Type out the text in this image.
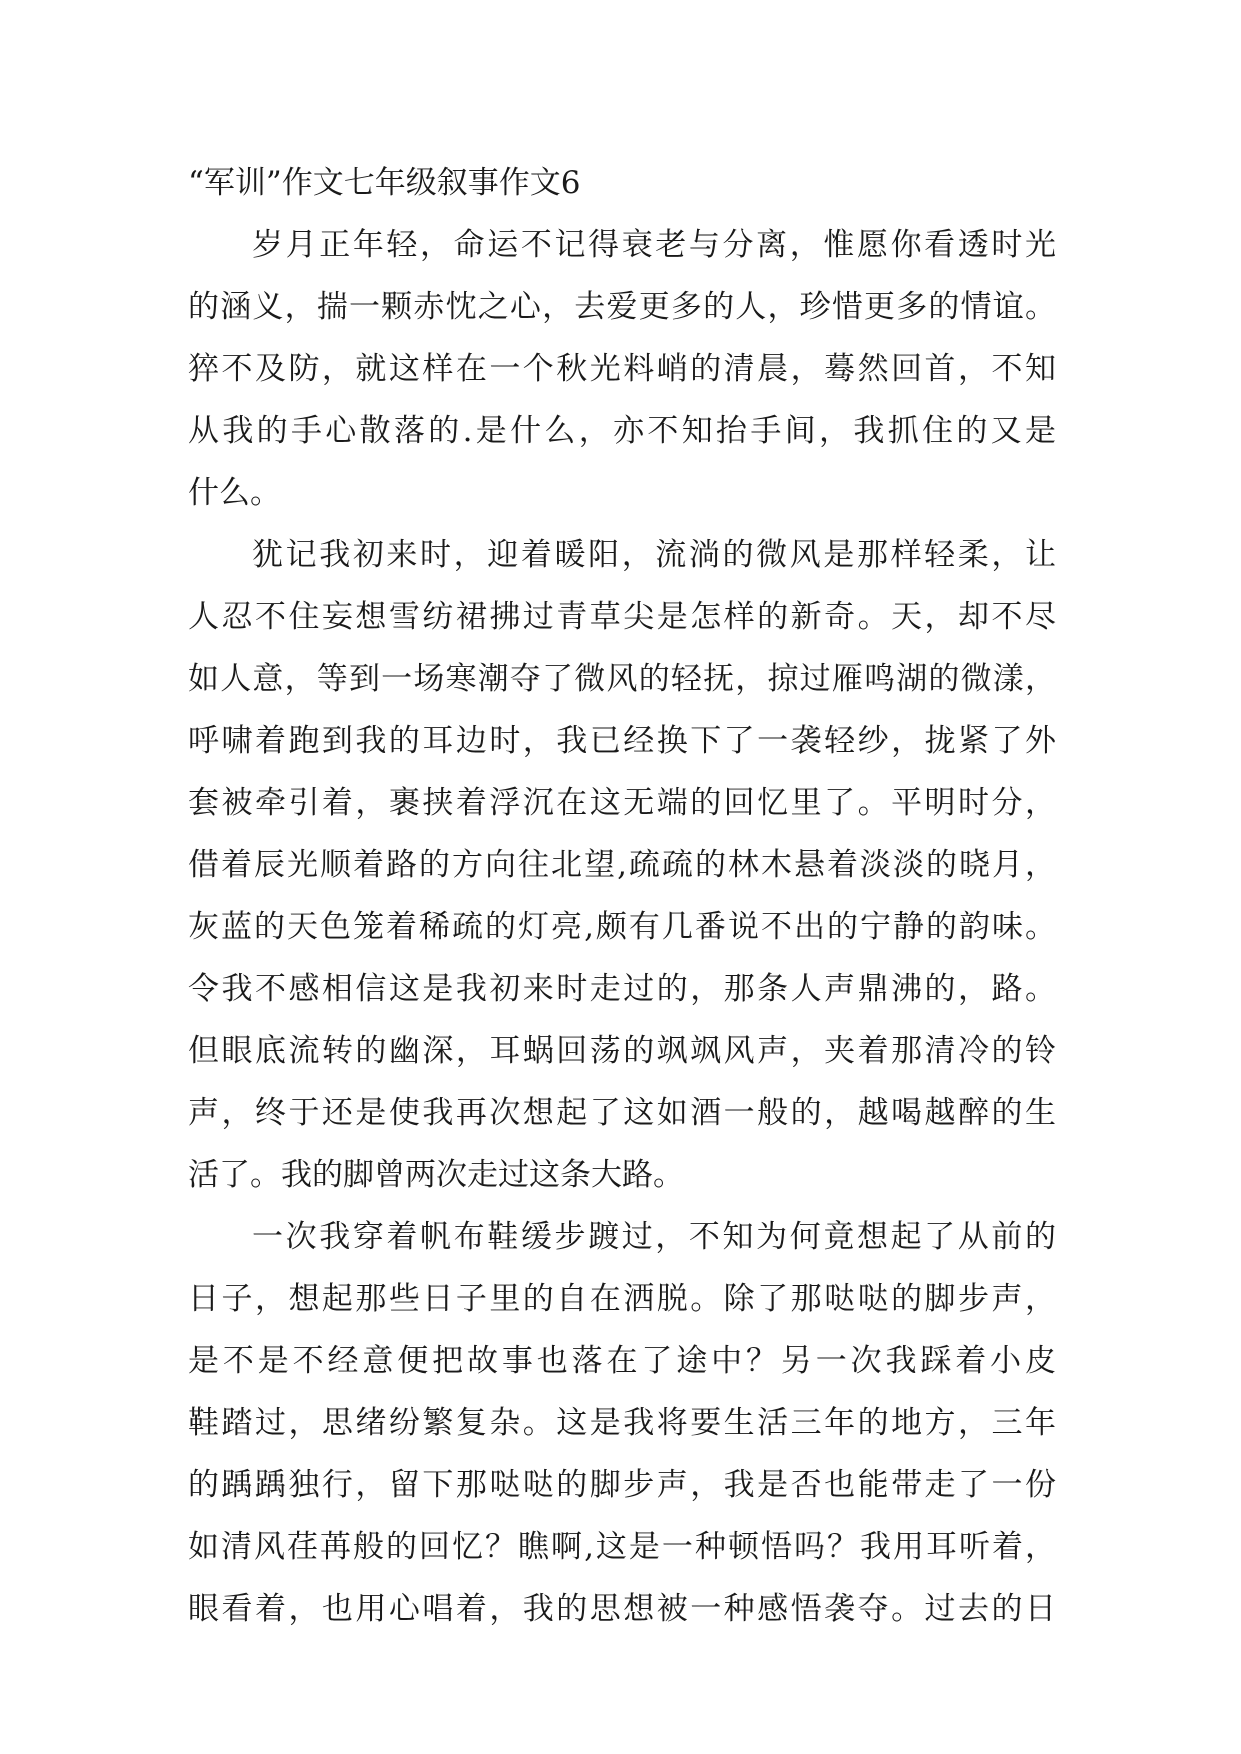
“军训”作文七年级叙事作文6
岁月正年轻，命运不记得衰老与分离，惟愿你看透时光
的涵义，揣一颗赤忱之心，去爱更多的人，珍惜更多的情谊。
猝不及防，就这样在一个秋光料峭的清晨，蓦然回首，不知
从我的手心散落的.是什么，亦不知抬手间，我抓住的又是
什么。
犹记我初来时，迎着暖阳，流淌的微风是那样轻柔，让
人忍不住妄想雪纺裙拂过青草尖是怎样的新奇。天，却不尽
如人意，等到一场寒潮夺了微风的轻抚，掠过雁鸣湖的微漾，
呼啸着跑到我的耳边时，我已经换下了一袭轻纱，拢紧了外
套被牵引着，裹挟着浮沉在这无端的回忆里了。平明时分，
借着辰光顺着路的方向往北望,疏疏的林木悬着淡淡的晓月，
灰蓝的天色笼着稀疏的灯亮,颇有几番说不出的宁静的韵味。
令我不感相信这是我初来时走过的，那条人声鼎沸的，路。
但眼底流转的幽深，耳蜗回荡的飒飒风声，夹着那清冷的铃
声，终于还是使我再次想起了这如酒一般的，越喝越醉的生
活了。我的脚曾两次走过这条大路。
一次我穿着帆布鞋缓步踱过，不知为何竟想起了从前的
日子，想起那些日子里的自在洒脱。除了那哒哒的脚步声，
是不是不经意便把故事也落在了途中？另一次我踩着小皮
鞋踏过，思绪纷繁复杂。这是我将要生活三年的地方，三年
的踽踽独行，留下那哒哒的脚步声，我是否也能带走了一份
如清风荏苒般的回忆？瞧啊,这是一种顿悟吗？我用耳听着，
眼看着，也用心唱着，我的思想被一种感悟袭夺。过去的日
